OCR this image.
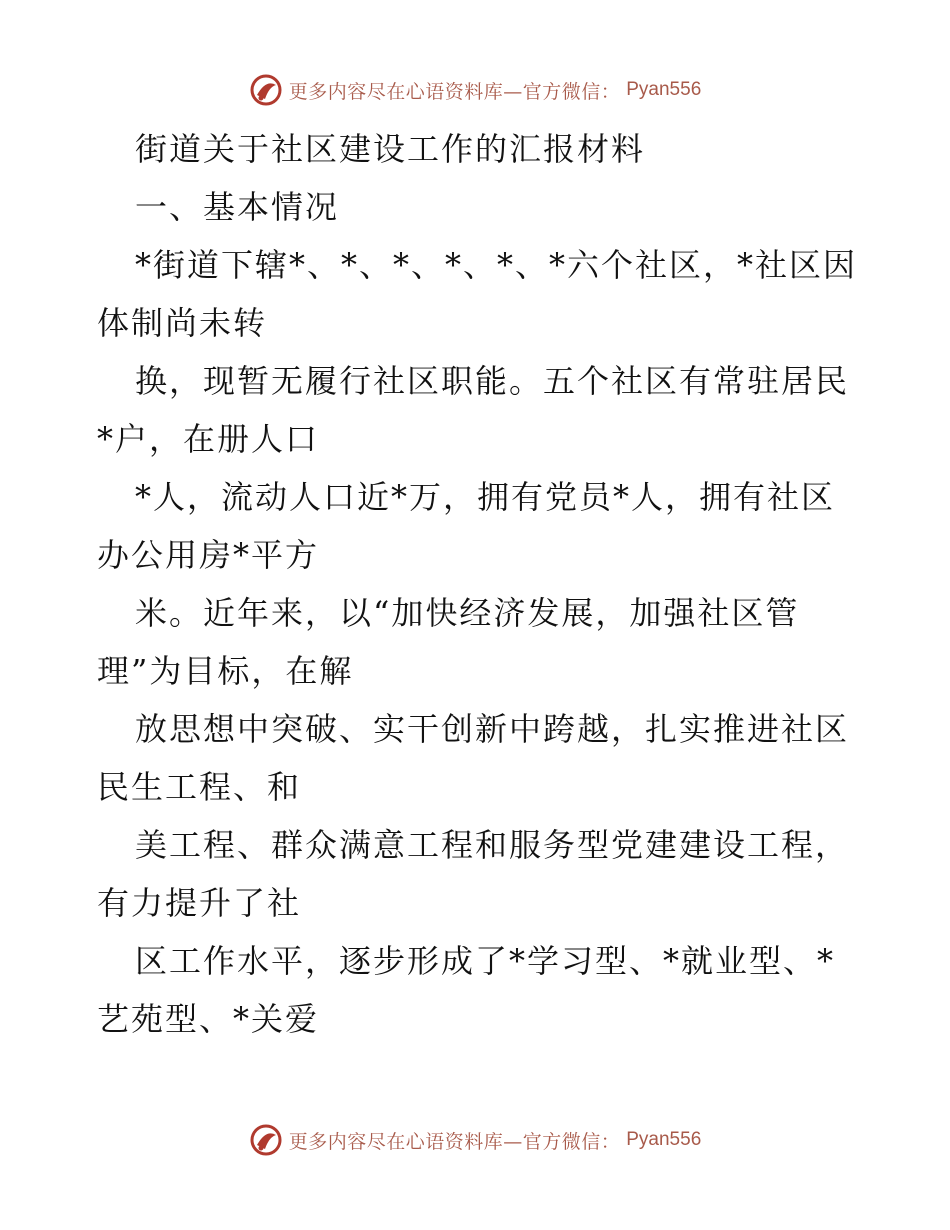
更多内容尽在心语资料库—官方微信： Pyan556
街道关于社区建设工作的汇报材料
一、基本情况
*街道下辖*、*、*、*、*、*六个社区，*社区因
体制尚未转
换，现暂无履行社区职能。五个社区有常驻居民
*户，在册人口
*人，流动人口近*万，拥有党员*人，拥有社区
办公用房*平方
米。近年来，以“加快经济发展，加强社区管
理”为目标，在解
放思想中突破、实干创新中跨越，扎实推进社区
民生工程、和
美工程、群众满意工程和服务型党建建设工程，
有力提升了社
区工作水平，逐步形成了*学习型、*就业型、*
艺苑型、*关爱
更多内容尽在心语资料库—官方微信： Pyan556
